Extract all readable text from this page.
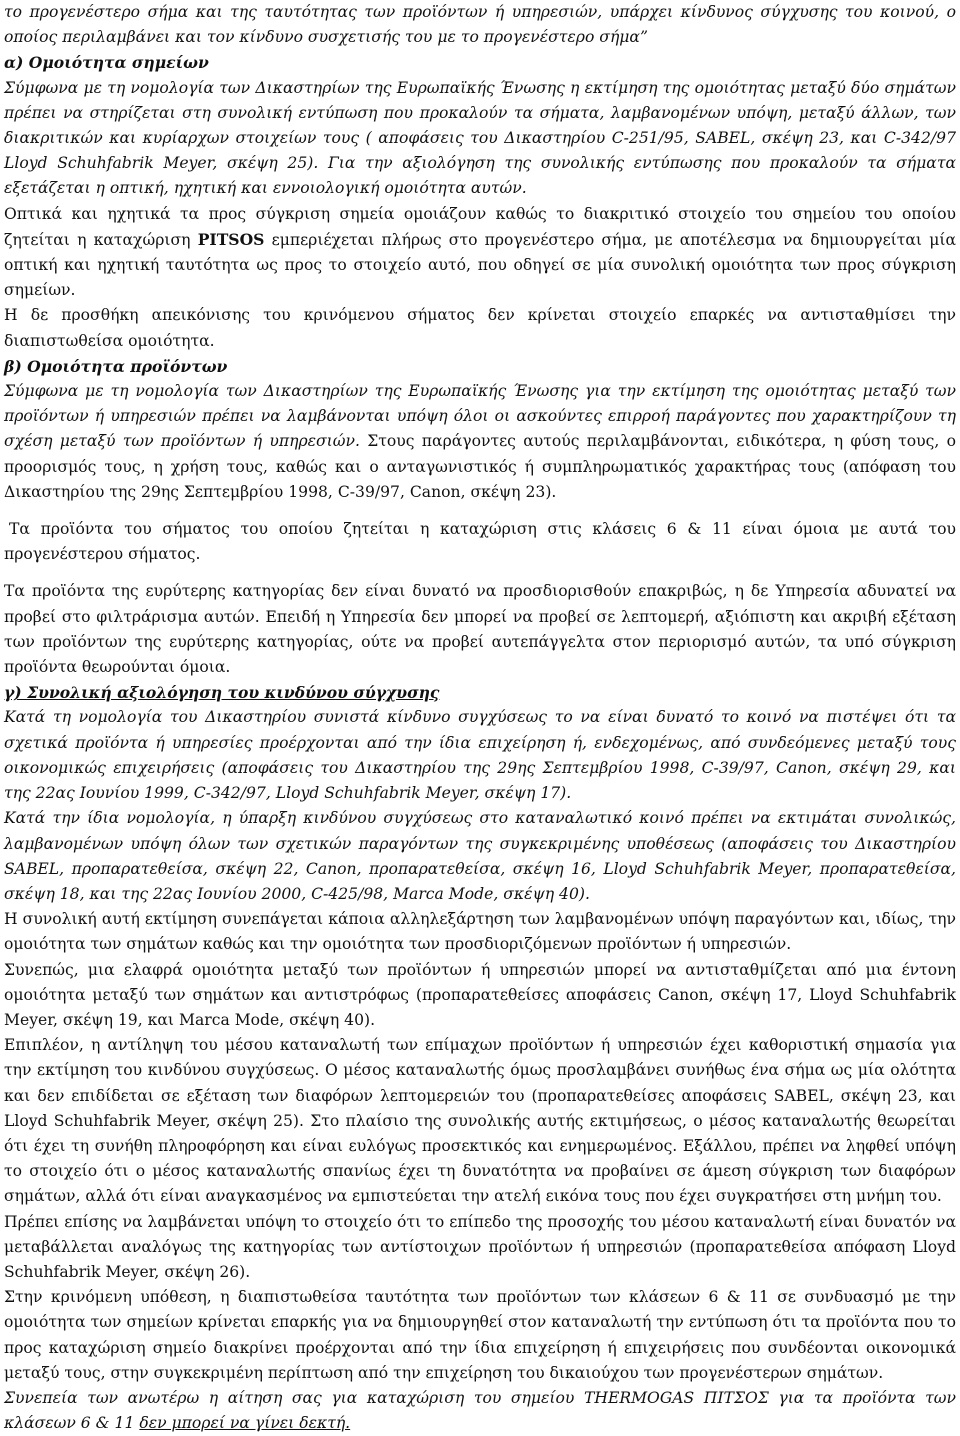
το προγενέστερο σήμα και της ταυτότητας των προϊόντων ή υπηρεσιών, υπάρχει κίνδυνος σύγχυσης του κοινού, ο οποίος περιλαμβάνει και τον κίνδυνο συσχετισής του με το προγενέστερο σήμα”

α) Ομοιότητα σημείων

Σύμφωνα με τη νομολογία των Δικαστηρίων της Ευρωπαϊκής Ένωσης η εκτίμηση της ομοιότητας μεταξύ δύο σημάτων πρέπει να στηρίζεται στη συνολική εντύπωση που προκαλούν τα σήματα, λαμβανομένων υπόψη, μεταξύ άλλων, των διακριτικών και κυρίαρχων στοιχείων τους ( αποφάσεις του Δικαστηρίου C-251/95, SABEL, σκέψη 23, και C-342/97 Lloyd Schuhfabrik Meyer, σκέψη 25). Για την αξιολόγηση της συνολικής εντύπωσης που προκαλούν τα σήματα εξετάζεται η οπτική, ηχητική και εννοιολογική ομοιότητα αυτών.

Οπτικά και ηχητικά τα προς σύγκριση σημεία ομοιάζουν καθώς το διακριτικό στοιχείο του σημείου του οποίου ζητείται η καταχώριση PITSOS εμπεριέχεται πλήρως στο προγενέστερο σήμα, με αποτέλεσμα να δημιουργείται μία οπτική και ηχητική ταυτότητα ως προς το στοιχείο αυτό, που οδηγεί σε μία συνολική ομοιότητα των προς σύγκριση σημείων.

Η δε προσθήκη απεικόνισης του κρινόμενου σήματος δεν κρίνεται στοιχείο επαρκές να αντισταθμίσει την διαπιστωθείσα ομοιότητα.

β) Ομοιότητα προϊόντων

Σύμφωνα με τη νομολογία των Δικαστηρίων της Ευρωπαϊκής Ένωσης για την εκτίμηση της ομοιότητας μεταξύ των προϊόντων ή υπηρεσιών πρέπει να λαμβάνονται υπόψη όλοι οι ασκούντες επιρροή παράγοντες που χαρακτηρίζουν τη σχέση μεταξύ των προϊόντων ή υπηρεσιών. Στους παράγοντες αυτούς περιλαμβάνονται, ειδικότερα, η φύση τους, ο προορισμός τους, η χρήση τους, καθώς και ο ανταγωνιστικός ή συμπληρωματικός χαρακτήρας τους (απόφαση του Δικαστηρίου της 29ης Σεπτεμβρίου 1998, C-39/97, Canon, σκέψη 23).

Τα προϊόντα του σήματος του οποίου ζητείται η καταχώριση στις κλάσεις 6 & 11 είναι όμοια με αυτά του προγενέστερου σήματος.

Τα προϊόντα της ευρύτερης κατηγορίας δεν είναι δυνατό να προσδιορισθούν επακριβώς, η δε Υπηρεσία αδυνατεί να προβεί στο φιλτράρισμα αυτών. Επειδή η Υπηρεσία δεν μπορεί να προβεί σε λεπτομερή, αξιόπιστη και ακριβή εξέταση των προϊόντων της ευρύτερης κατηγορίας, ούτε να προβεί αυτεπάγγελτα στον περιορισμό αυτών, τα υπό σύγκριση προϊόντα θεωρούνται όμοια.

γ) Συνολική αξιολόγηση του κινδύνου σύγχυσης

Κατά τη νομολογία του Δικαστηρίου συνιστά κίνδυνο συγχύσεως το να είναι δυνατό το κοινό να πιστέψει ότι τα σχετικά προϊόντα ή υπηρεσίες προέρχονται από την ίδια επιχείρηση ή, ενδεχομένως, από συνδεόμενες μεταξύ τους οικονομικώς επιχειρήσεις (αποφάσεις του Δικαστηρίου της 29ης Σεπτεμβρίου 1998, C-39/97, Canon, σκέψη 29, και της 22ας Ιουνίου 1999, C-342/97, Lloyd Schuhfabrik Meyer, σκέψη 17).

Κατά την ίδια νομολογία, η ύπαρξη κινδύνου συγχύσεως στο καταναλωτικό κοινό πρέπει να εκτιμάται συνολικώς, λαμβανομένων υπόψη όλων των σχετικών παραγόντων της συγκεκριμένης υποθέσεως (αποφάσεις του Δικαστηρίου SABEL, προπαρατεθείσα, σκέψη 22, Canon, προπαρατεθείσα, σκέψη 16, Lloyd Schuhfabrik Meyer, προπαρατεθείσα, σκέψη 18, και της 22ας Ιουνίου 2000, C-425/98, Marca Mode, σκέψη 40).

Η συνολική αυτή εκτίμηση συνεπάγεται κάποια αλληλεξάρτηση των λαμβανομένων υπόψη παραγόντων και, ιδίως, την ομοιότητα των σημάτων καθώς και την ομοιότητα των προσδιοριζόμενων προϊόντων ή υπηρεσιών.

Συνεπώς, μια ελαφρά ομοιότητα μεταξύ των προϊόντων ή υπηρεσιών μπορεί να αντισταθμίζεται από μια έντονη ομοιότητα μεταξύ των σημάτων και αντιστρόφως (προπαρατεθείσες αποφάσεις Canon, σκέψη 17, Lloyd Schuhfabrik Meyer, σκέψη 19, και Marca Mode, σκέψη 40).

Επιπλέον, η αντίληψη του μέσου καταναλωτή των επίμαχων προϊόντων ή υπηρεσιών έχει καθοριστική σημασία για την εκτίμηση του κινδύνου συγχύσεως. Ο μέσος καταναλωτής όμως προσλαμβάνει συνήθως ένα σήμα ως μία ολότητα και δεν επιδίδεται σε εξέταση των διαφόρων λεπτομερειών του (προπαρατεθείσες αποφάσεις SABEL, σκέψη 23, και Lloyd Schuhfabrik Meyer, σκέψη 25). Στο πλαίσιο της συνολικής αυτής εκτιμήσεως, ο μέσος καταναλωτής θεωρείται ότι έχει τη συνήθη πληροφόρηση και είναι ευλόγως προσεκτικός και ενημερωμένος. Εξάλλου, πρέπει να ληφθεί υπόψη το στοιχείο ότι ο μέσος καταναλωτής σπανίως έχει τη δυνατότητα να προβαίνει σε άμεση σύγκριση των διαφόρων σημάτων, αλλά ότι είναι αναγκασμένος να εμπιστεύεται την ατελή εικόνα τους που έχει συγκρατήσει στη μνήμη του.

Πρέπει επίσης να λαμβάνεται υπόψη το στοιχείο ότι το επίπεδο της προσοχής του μέσου καταναλωτή είναι δυνατόν να μεταβάλλεται αναλόγως της κατηγορίας των αντίστοιχων προϊόντων ή υπηρεσιών (προπαρατεθείσα απόφαση Lloyd Schuhfabrik Meyer, σκέψη 26).

Στην κρινόμενη υπόθεση, η διαπιστωθείσα ταυτότητα των προϊόντων των κλάσεων 6 & 11 σε συνδυασμό με την ομοιότητα των σημείων κρίνεται επαρκής για να δημιουργηθεί στον καταναλωτή την εντύπωση ότι τα προϊόντα που το προς καταχώριση σημείο διακρίνει προέρχονται από την ίδια επιχείρηση ή επιχειρήσεις που συνδέονται οικονομικά μεταξύ τους, στην συγκεκριμένη περίπτωση από την επιχείρηση του δικαιούχου των προγενέστερων σημάτων.

Συνεπεία των ανωτέρω η αίτηση σας για καταχώριση του σημείου THERMOGAS ΠΙΤΣΟΣ για τα προϊόντα των κλάσεων 6 & 11 δεν μπορεί να γίνει δεκτή.
